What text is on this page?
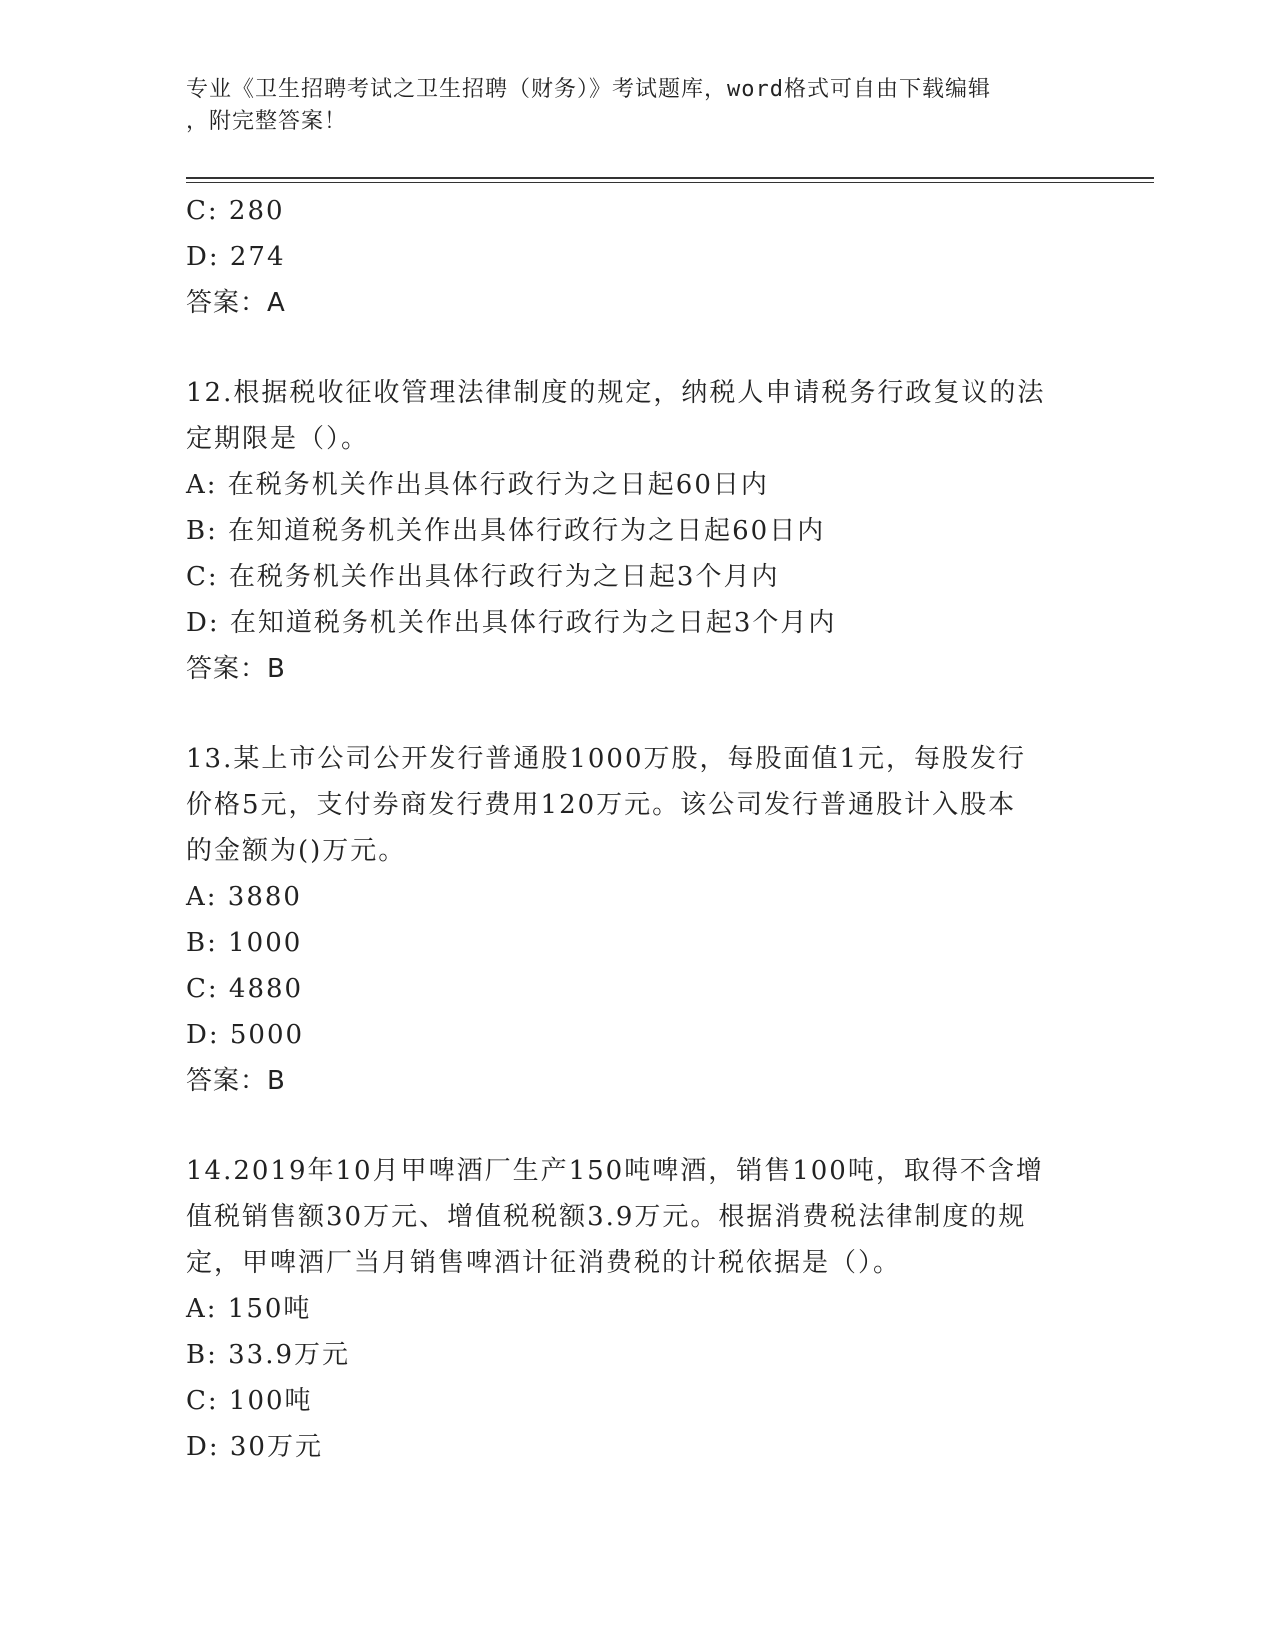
专业《卫生招聘考试之卫生招聘（财务）》考试题库，word格式可自由下载编辑
，附完整答案！
C: 280
D: 274
答案：A
12.根据税收征收管理法律制度的规定，纳税人申请税务行政复议的法
定期限是（）。
A: 在税务机关作出具体行政行为之日起60日内
B: 在知道税务机关作出具体行政行为之日起60日内
C: 在税务机关作出具体行政行为之日起3个月内
D: 在知道税务机关作出具体行政行为之日起3个月内
答案：B
13.某上市公司公开发行普通股1000万股，每股面值1元，每股发行
价格5元，支付券商发行费用120万元。该公司发行普通股计入股本
的金额为()万元。
A: 3880
B: 1000
C: 4880
D: 5000
答案：B
14.2019年10月甲啤酒厂生产150吨啤酒，销售100吨，取得不含增
值税销售额30万元、增值税税额3.9万元。根据消费税法律制度的规
定，甲啤酒厂当月销售啤酒计征消费税的计税依据是（）。
A: 150吨
B: 33.9万元
C: 100吨
D: 30万元
